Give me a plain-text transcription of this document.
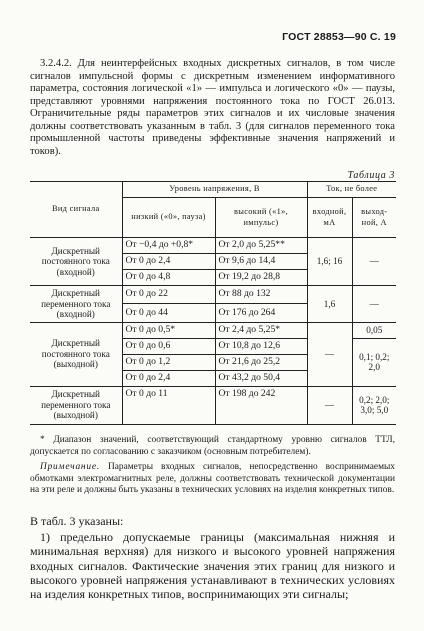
ГОСТ 28853—90 С. 19
3.2.4.2. Для неинтерфейсных входных дискретных сигналов, в том числе сигналов импульсной формы с дискретным изменением информативного параметра, состояния логической «1» — импульса и логического «0» — паузы, представляют уровнями напряжения постоянного тока по ГОСТ 26.013. Ограничительные ряды параметров этих сигналов и их числовые значения должны соответствовать указанным в табл. 3 (для сигналов переменного тока промышленной частоты приведены эффективные значения напряжений и токов).
Таблица 3
Вид сигнала	Уровень напряжения, В		Ток, не более	
	низкий («0», пауза)	высокий («1», импульс)	входной, мА	выход-ной, А
Дискретный постоянного тока (входной)	От −0,4 до +0,8*	От 2,0 до 5,25**	1,6; 16	—
	От 0 до 2,4	От 9,6 до 14,4		
	От 0 до 4,8	От 19,2 до 28,8		
Дискретный переменного тока (входной)	От 0 до 22	От 88 до 132	1,6	—
	От 0 до 44	От 176 до 264		
Дискретный постоянного тока (выходной)	От 0 до 0,5*	От 2,4 до 5,25*	—	0,05
	От 0 до 0,6	От 10,8 до 12,6		0,1; 0,2; 2,0
	От 0 до 1,2	От 21,6 до 25,2		
	От 0 до 2,4	От 43,2 до 50,4		
Дискретный переменного тока (выходной)	От 0 до 11	От 198 до 242	—	0,2; 2,0; 3,0; 5,0
* Диапазон значений, соответствующий стандартному уровню сигналов ТТЛ, допускается по согласованию с заказчиком (основным потребителем).
Примечание. Параметры входных сигналов, непосредственно воспринимаемых обмотками электромагнитных реле, должны соответствовать технической документации на эти реле и должны быть указаны в технических условиях на изделия конкретных типов.
В табл. 3 указаны:
1) предельно допускаемые границы (максимальная нижняя и минимальная верхняя) для низкого и высокого уровней напряжения входных сигналов. Фактические значения этих границ для низкого и высокого уровней напряжения устанавливают в технических условиях на изделия конкретных типов, воспринимающих эти сигналы;
